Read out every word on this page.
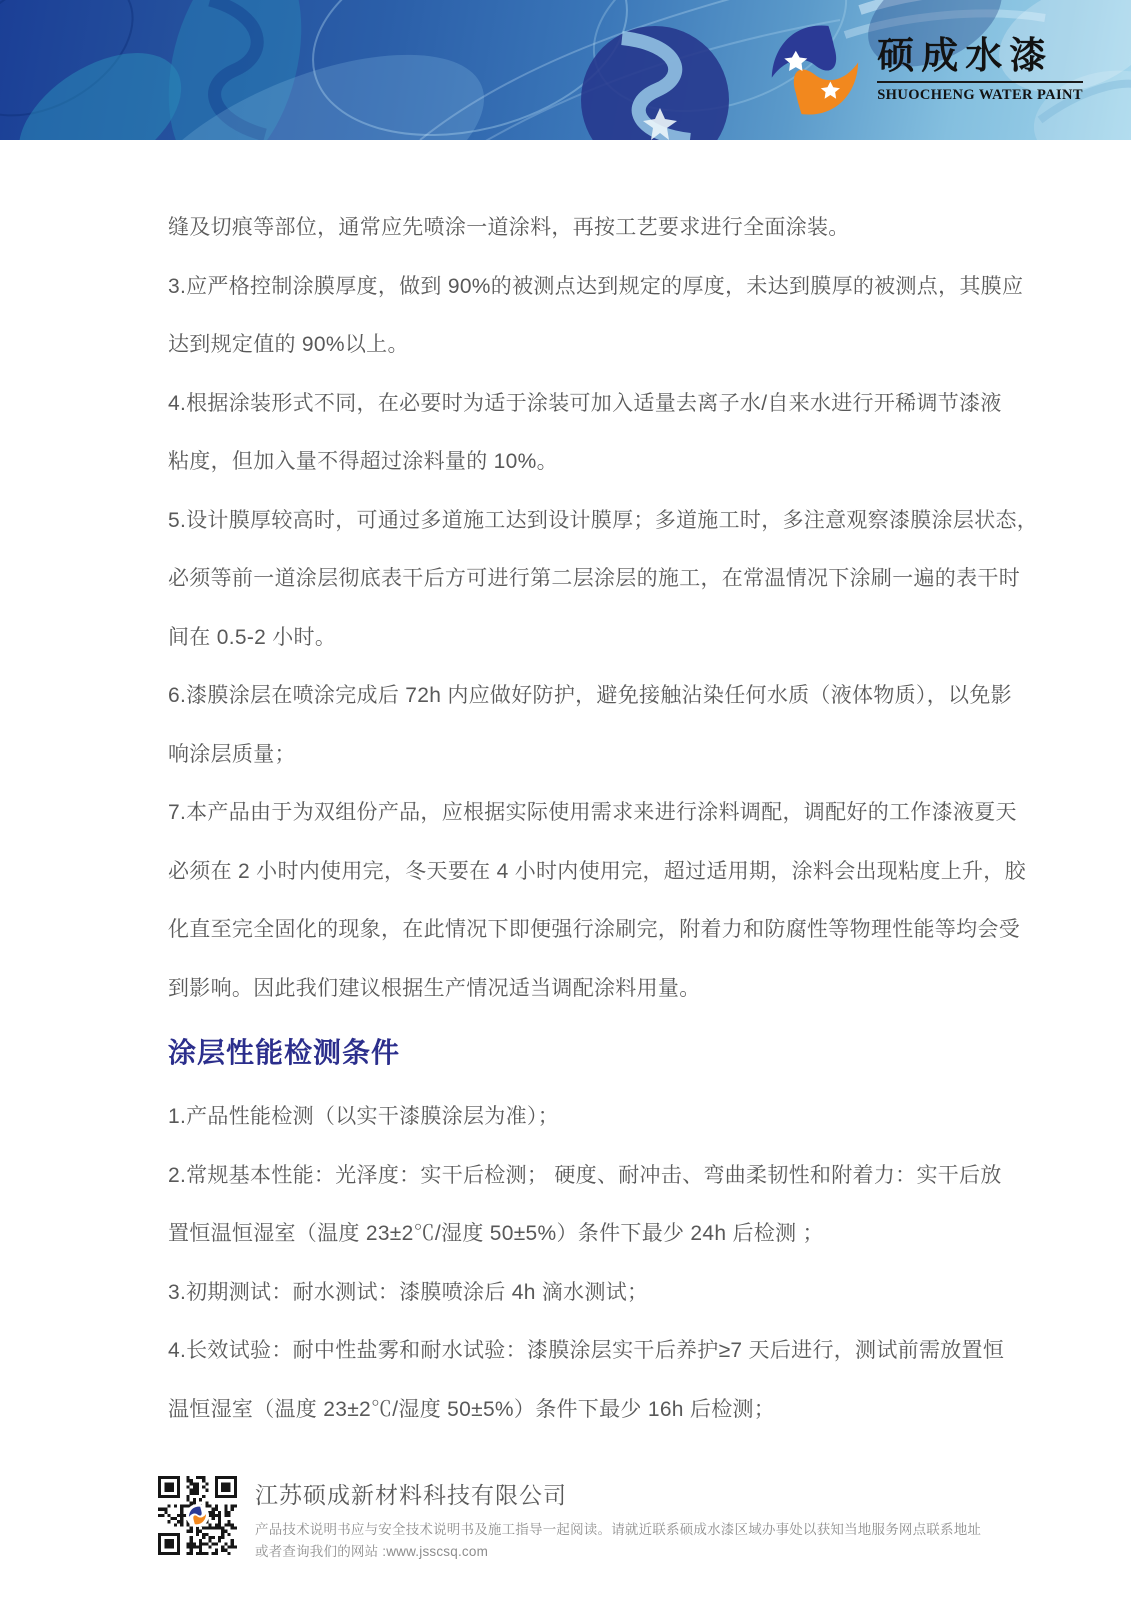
硕成水漆
SHUOCHENG WATER PAINT
缝及切痕等部位，通常应先喷涂一道涂料，再按工艺要求进行全面涂装。
3.应严格控制涂膜厚度，做到 90%的被测点达到规定的厚度，未达到膜厚的被测点，其膜应
达到规定值的 90%以上。
4.根据涂装形式不同，在必要时为适于涂装可加入适量去离子水/自来水进行开稀调节漆液
粘度，但加入量不得超过涂料量的 10%。
5.设计膜厚较高时，可通过多道施工达到设计膜厚；多道施工时，多注意观察漆膜涂层状态，
必须等前一道涂层彻底表干后方可进行第二层涂层的施工，在常温情况下涂刷一遍的表干时
间在 0.5-2 小时。
6.漆膜涂层在喷涂完成后 72h 内应做好防护，避免接触沾染任何水质（液体物质），以免影
响涂层质量；
7.本产品由于为双组份产品，应根据实际使用需求来进行涂料调配，调配好的工作漆液夏天
必须在 2 小时内使用完，冬天要在 4 小时内使用完，超过适用期，涂料会出现粘度上升，胶
化直至完全固化的现象，在此情况下即便强行涂刷完，附着力和防腐性等物理性能等均会受
到影响。因此我们建议根据生产情况适当调配涂料用量。
涂层性能检测条件
1.产品性能检测（以实干漆膜涂层为准）；
2.常规基本性能：光泽度：实干后检测； 硬度、耐冲击、弯曲柔韧性和附着力：实干后放
置恒温恒湿室（温度 23±2℃/湿度 50±5%）条件下最少 24h 后检测 ；
3.初期测试：耐水测试：漆膜喷涂后 4h 滴水测试；
4.长效试验：耐中性盐雾和耐水试验：漆膜涂层实干后养护≥7 天后进行，测试前需放置恒
温恒湿室（温度 23±2℃/湿度 50±5%）条件下最少 16h 后检测；
江苏硕成新材料科技有限公司
产品技术说明书应与安全技术说明书及施工指导一起阅读。请就近联系硕成水漆区域办事处以获知当地服务网点联系地址
或者查询我们的网站 :www.jsscsq.com
